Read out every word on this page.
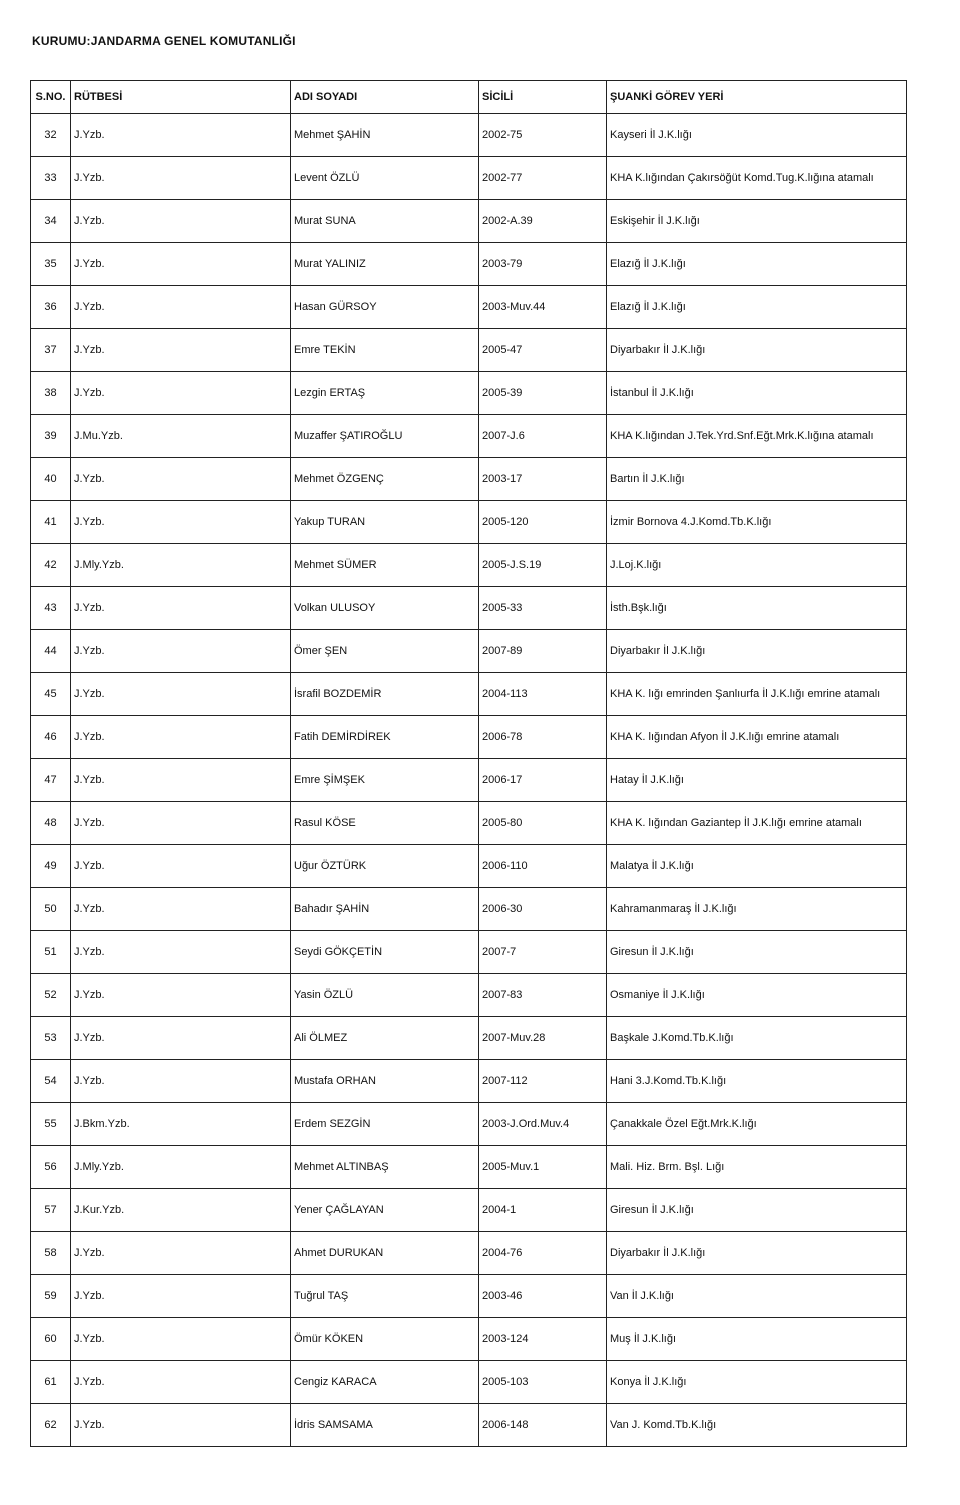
KURUMU:JANDARMA GENEL KOMUTANLIĞI
S.NO.	RÜTBESİ	ADI SOYADI	SİCİLİ	ŞUANKİ GÖREV YERİ
32	J.Yzb.	Mehmet ŞAHİN	2002-75	Kayseri İl J.K.lığı
33	J.Yzb.	Levent ÖZLÜ	2002-77	KHA K.lığından Çakırsöğüt Komd.Tug.K.lığına atamalı
34	J.Yzb.	Murat SUNA	2002-A.39	Eskişehir İl J.K.lığı
35	J.Yzb.	Murat YALINIZ	2003-79	Elazığ İl J.K.lığı
36	J.Yzb.	Hasan GÜRSOY	2003-Muv.44	Elazığ İl J.K.lığı
37	J.Yzb.	Emre TEKİN	2005-47	Diyarbakır İl J.K.lığı
38	J.Yzb.	Lezgin ERTAŞ	2005-39	İstanbul İl J.K.lığı
39	J.Mu.Yzb.	Muzaffer ŞATIROĞLU	2007-J.6	KHA K.lığından J.Tek.Yrd.Snf.Eğt.Mrk.K.lığına atamalı
40	J.Yzb.	Mehmet ÖZGENÇ	2003-17	Bartın İl J.K.lığı
41	J.Yzb.	Yakup TURAN	2005-120	İzmir Bornova 4.J.Komd.Tb.K.lığı
42	J.Mly.Yzb.	Mehmet SÜMER	2005-J.S.19	J.Loj.K.lığı
43	J.Yzb.	Volkan ULUSOY	2005-33	İsth.Bşk.lığı
44	J.Yzb.	Ömer ŞEN	2007-89	Diyarbakır İl J.K.lığı
45	J.Yzb.	İsrafil BOZDEMİR	2004-113	KHA K. lığı emrinden Şanlıurfa İl J.K.lığı emrine atamalı
46	J.Yzb.	Fatih DEMİRDİREK	2006-78	KHA K. lığından Afyon İl J.K.lığı emrine atamalı
47	J.Yzb.	Emre ŞİMŞEK	2006-17	Hatay İl J.K.lığı
48	J.Yzb.	Rasul KÖSE	2005-80	KHA K. lığından Gaziantep İl J.K.lığı emrine atamalı
49	J.Yzb.	Uğur ÖZTÜRK	2006-110	Malatya İl J.K.lığı
50	J.Yzb.	Bahadır ŞAHİN	2006-30	Kahramanmaraş İl J.K.lığı
51	J.Yzb.	Seydi GÖKÇETİN	2007-7	Giresun İl J.K.lığı
52	J.Yzb.	Yasin ÖZLÜ	2007-83	Osmaniye İl J.K.lığı
53	J.Yzb.	Ali ÖLMEZ	2007-Muv.28	Başkale J.Komd.Tb.K.lığı
54	J.Yzb.	Mustafa ORHAN	2007-112	Hani 3.J.Komd.Tb.K.lığı
55	J.Bkm.Yzb.	Erdem SEZGİN	2003-J.Ord.Muv.4	Çanakkale Özel Eğt.Mrk.K.lığı
56	J.Mly.Yzb.	Mehmet ALTINBAŞ	2005-Muv.1	Mali. Hiz. Brm. Bşl. Lığı
57	J.Kur.Yzb.	Yener ÇAĞLAYAN	2004-1	Giresun İl J.K.lığı
58	J.Yzb.	Ahmet DURUKAN	2004-76	Diyarbakır İl J.K.lığı
59	J.Yzb.	Tuğrul TAŞ	2003-46	Van İl J.K.lığı
60	J.Yzb.	Ömür KÖKEN	2003-124	Muş İl J.K.lığı
61	J.Yzb.	Cengiz KARACA	2005-103	Konya İl J.K.lığı
62	J.Yzb.	İdris SAMSAMA	2006-148	Van J. Komd.Tb.K.lığı
